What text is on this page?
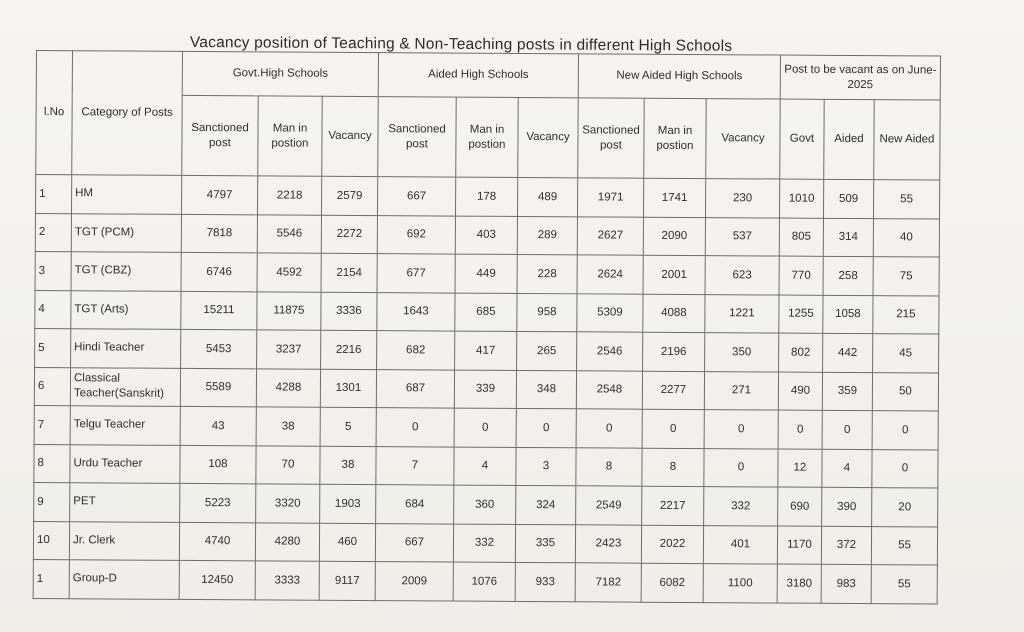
Vacancy position of Teaching & Non-Teaching posts in different High Schools
l.No	Category of Posts	Govt.High Schools			Aided High Schools			New Aided High Schools			Post to be vacant as on June-2025		
		Sanctioned post	Man in postion	Vacancy	Sanctioned post	Man in postion	Vacancy	Sanctioned post	Man in postion	Vacancy	Govt	Aided	New Aided
1	HM	4797	2218	2579	667	178	489	1971	1741	230	1010	509	55
2	TGT (PCM)	7818	5546	2272	692	403	289	2627	2090	537	805	314	40
3	TGT (CBZ)	6746	4592	2154	677	449	228	2624	2001	623	770	258	75
4	TGT (Arts)	15211	11875	3336	1643	685	958	5309	4088	1221	1255	1058	215
5	Hindi Teacher	5453	3237	2216	682	417	265	2546	2196	350	802	442	45
6	Classical Teacher(Sanskrit)	5589	4288	1301	687	339	348	2548	2277	271	490	359	50
7	Telgu Teacher	43	38	5	0	0	0	0	0	0	0	0	0
8	Urdu Teacher	108	70	38	7	4	3	8	8	0	12	4	0
9	PET	5223	3320	1903	684	360	324	2549	2217	332	690	390	20
10	Jr. Clerk	4740	4280	460	667	332	335	2423	2022	401	1170	372	55
1	Group-D	12450	3333	9117	2009	1076	933	7182	6082	1100	3180	983	55
